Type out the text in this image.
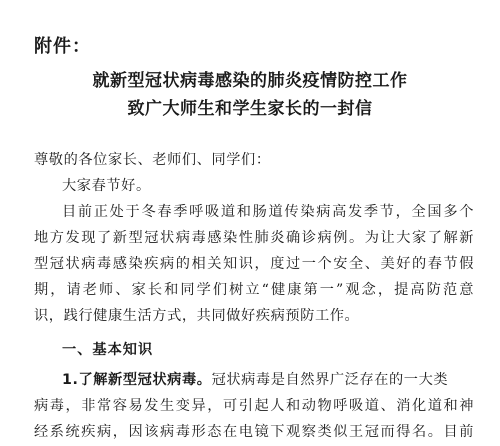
附件：
就新型冠状病毒感染的肺炎疫情防控工作
致广大师生和学生家长的一封信
尊敬的各位家长、老师们、同学们：
大家春节好。
目前正处于冬春季呼吸道和肠道传染病高发季节，全国多个
地方发现了新型冠状病毒感染性肺炎确诊病例。为让大家了解新
型冠状病毒感染疾病的相关知识，度过一个安全、美好的春节假
期，请老师、家长和同学们树立“健康第一”观念，提高防范意
识，践行健康生活方式，共同做好疾病预防工作。
一、基本知识
1.了解新型冠状病毒。冠状病毒是自然界广泛存在的一大类
病毒，非常容易发生变异，可引起人和动物呼吸道、消化道和神
经系统疾病，因该病毒形态在电镜下观察类似王冠而得名。目前
